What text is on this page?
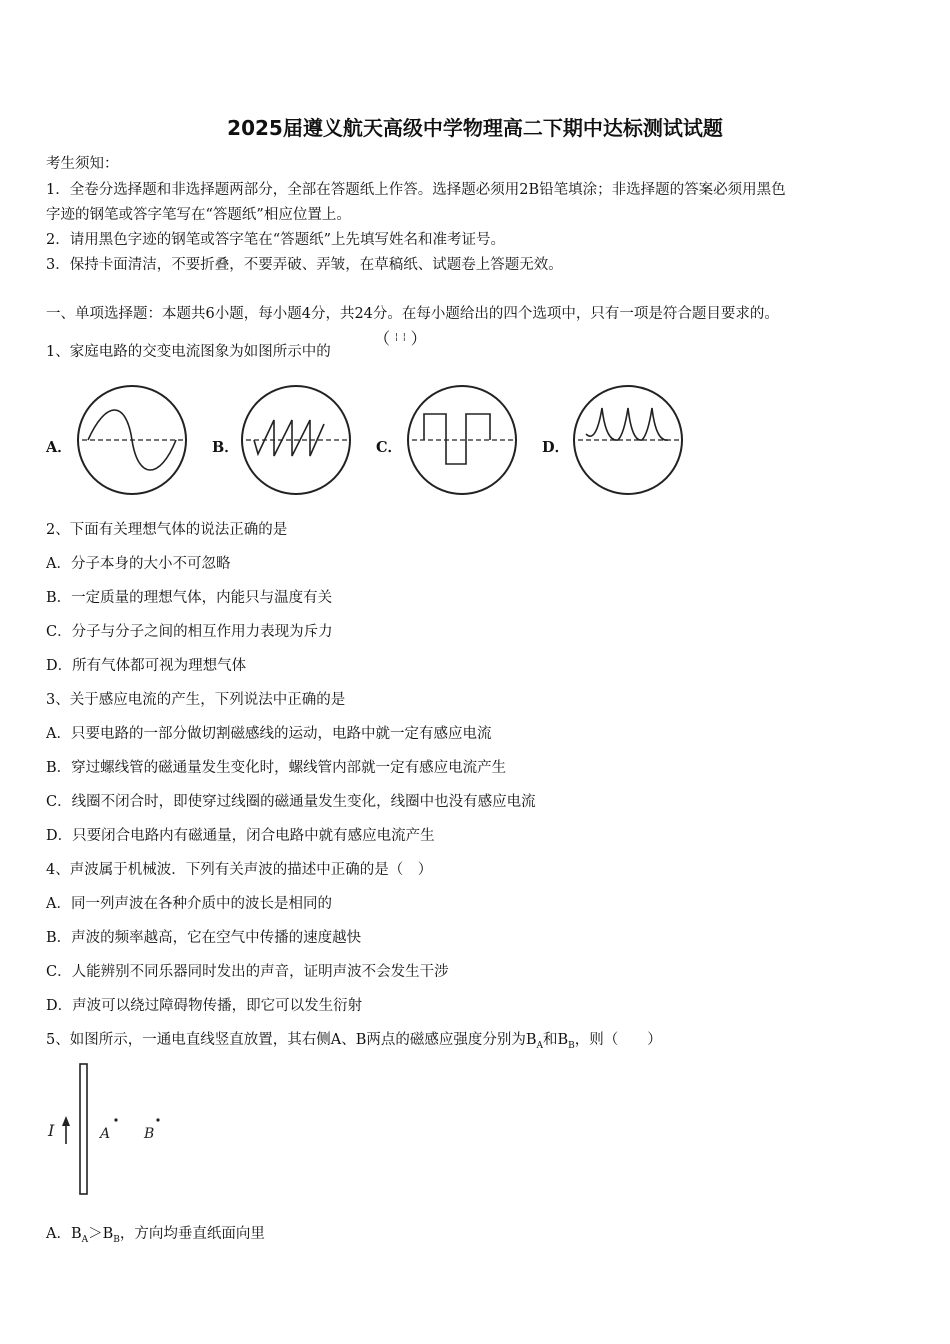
2025届遵义航天高级中学物理高二下期中达标测试试题
考生须知：
1．全卷分选择题和非选择题两部分，全部在答题纸上作答。选择题必须用2B铅笔填涂；非选择题的答案必须用黑色
字迹的钢笔或答字笔写在“答题纸”相应位置上。
2．请用黑色字迹的钢笔或答字笔在“答题纸”上先填写姓名和准考证号。
3．保持卡面清洁，不要折叠，不要弄破、弄皱，在草稿纸、试题卷上答题无效。
一、单项选择题：本题共6小题，每小题4分，共24分。在每小题给出的四个选项中，只有一项是符合题目要求的。
1、家庭电路的交变电流图象为如图所示中的
（ ¦ ¦ ）
A．	B．	C．	D．
2、下面有关理想气体的说法正确的是
A．分子本身的大小不可忽略
B．一定质量的理想气体，内能只与温度有关
C．分子与分子之间的相互作用力表现为斥力
D．所有气体都可视为理想气体
3、关于感应电流的产生，下列说法中正确的是
A．只要电路的一部分做切割磁感线的运动，电路中就一定有感应电流
B．穿过螺线管的磁通量发生变化时，螺线管内部就一定有感应电流产生
C．线圈不闭合时，即使穿过线圈的磁通量发生变化，线圈中也没有感应电流
D．只要闭合电路内有磁通量，闭合电路中就有感应电流产生
4、声波属于机械波．下列有关声波的描述中正确的是（　）
A．同一列声波在各种介质中的波长是相同的
B．声波的频率越高，它在空气中传播的速度越快
C．人能辨别不同乐器同时发出的声音，证明声波不会发生干涉
D．声波可以绕过障碍物传播，即它可以发生衍射
5、如图所示，一通电直线竖直放置，其右侧A、B两点的磁感应强度分别为$B_A$和$B_B$，则（　　）
I	A B
A．$B_A>B_B$，方向均垂直纸面向里
